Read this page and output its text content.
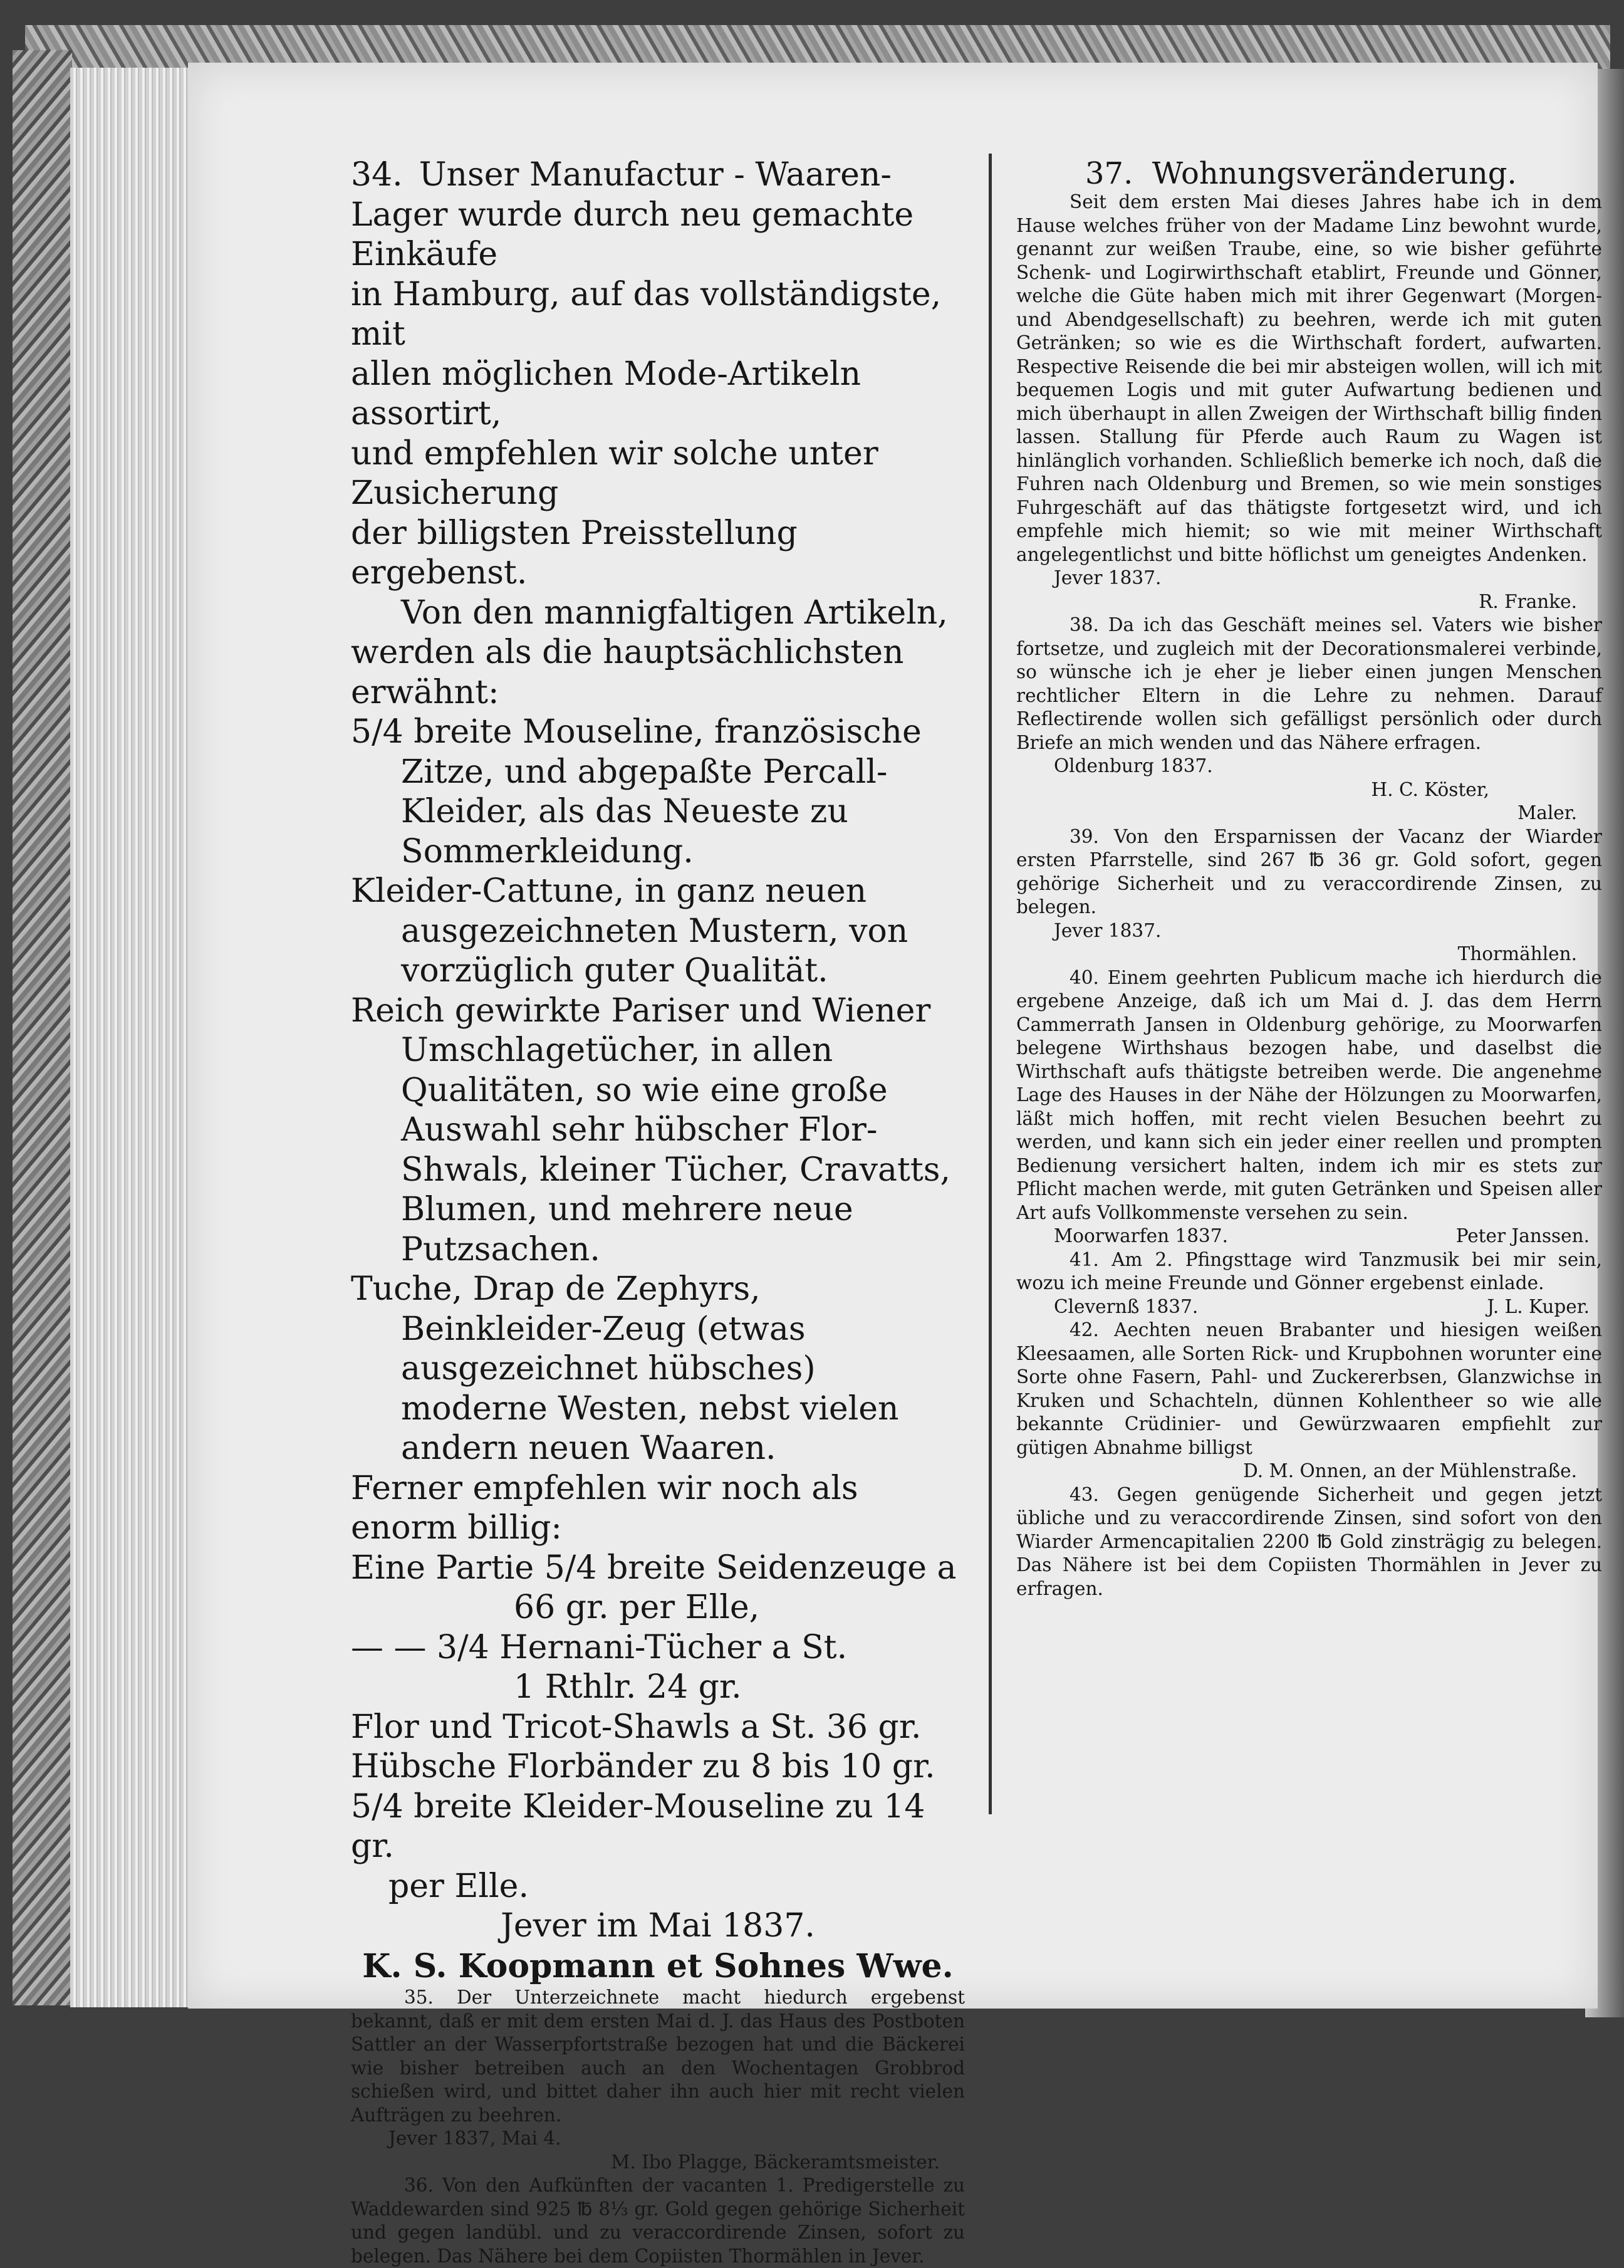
34. Unser Manufactur - Waaren-

Lager wurde durch neu gemachte Einkäufe

in Hamburg, auf das vollständigste, mit

allen möglichen Mode-Artikeln assortirt,

und empfehlen wir solche unter Zusicherung

der billigsten Preisstellung ergebenst.

Von den mannigfaltigen Artikeln,

werden als die hauptsächlichsten erwähnt:

5/4 breite Mouseline, französische Zitze, und abgepaßte Percall-Kleider, als das Neueste zu Sommerkleidung.

Kleider-Cattune, in ganz neuen ausgezeichneten Mustern, von vorzüglich guter Qualität.

Reich gewirkte Pariser und Wiener Umschlagetücher, in allen Qualitäten, so wie eine große Auswahl sehr hübscher Flor-Shwals, kleiner Tücher, Cravatts, Blumen, und mehrere neue Putzsachen.

Tuche, Drap de Zephyrs, Beinkleider-Zeug (etwas ausgezeichnet hübsches) moderne Westen, nebst vielen andern neuen Waaren.

Ferner empfehlen wir noch als enorm billig:

Eine Partie 5/4 breite Seidenzeuge a

66 gr. per Elle,

— — 3/4 Hernani-Tücher a St.

1 Rthlr. 24 gr.

Flor und Tricot-Shawls a St. 36 gr.

Hübsche Florbänder zu 8 bis 10 gr.

5/4 breite Kleider-Mouseline zu 14 gr.

per Elle.

Jever im Mai 1837.

K. S. Koopmann et Sohnes Wwe.

35. Der Unterzeichnete macht hiedurch ergebenst bekannt, daß er mit dem ersten Mai d. J. das Haus des Postboten Sattler an der Wasserpfortstraße bezogen hat und die Bäckerei wie bisher betreiben auch an den Wochentagen Grobbrod schießen wird, und bittet daher ihn auch hier mit recht vielen Aufträgen zu beehren.

Jever 1837, Mai 4.

M. Ibo Plagge, Bäckeramtsmeister.

36. Von den Aufkünften der vacanten 1. Predigerstelle zu Waddewarden sind 925 ℔ 8⅓ gr. Gold gegen gehörige Sicherheit und gegen landübl. und zu veraccordirende Zinsen, sofort zu belegen. Das Nähere bei dem Copiisten Thormählen in Jever.

37. Wohnungsveränderung.

Seit dem ersten Mai dieses Jahres habe ich in dem Hause welches früher von der Madame Linz bewohnt wurde, genannt zur weißen Traube, eine, so wie bisher geführte Schenk- und Logirwirthschaft etablirt, Freunde und Gönner, welche die Güte haben mich mit ihrer Gegenwart (Morgen- und Abendgesellschaft) zu beehren, werde ich mit guten Getränken; so wie es die Wirthschaft fordert, aufwarten. Respective Reisende die bei mir absteigen wollen, will ich mit bequemen Logis und mit guter Aufwartung bedienen und mich überhaupt in allen Zweigen der Wirthschaft billig finden lassen. Stallung für Pferde auch Raum zu Wagen ist hinlänglich vorhanden. Schließlich bemerke ich noch, daß die Fuhren nach Oldenburg und Bremen, so wie mein sonstiges Fuhrgeschäft auf das thätigste fortgesetzt wird, und ich empfehle mich hiemit; so wie mit meiner Wirthschaft angelegentlichst und bitte höflichst um geneigtes Andenken.

Jever 1837.

R. Franke.

38. Da ich das Geschäft meines sel. Vaters wie bisher fortsetze, und zugleich mit der Decorationsmalerei verbinde, so wünsche ich je eher je lieber einen jungen Menschen rechtlicher Eltern in die Lehre zu nehmen. Darauf Reflectirende wollen sich gefälligst persönlich oder durch Briefe an mich wenden und das Nähere erfragen.

Oldenburg 1837.

H. C. Köster,

Maler.

39. Von den Ersparnissen der Vacanz der Wiarder ersten Pfarrstelle, sind 267 ℔ 36 gr. Gold sofort, gegen gehörige Sicherheit und zu veraccordirende Zinsen, zu belegen.

Jever 1837.

Thormählen.

40. Einem geehrten Publicum mache ich hierdurch die ergebene Anzeige, daß ich um Mai d. J. das dem Herrn Cammerrath Jansen in Oldenburg gehörige, zu Moorwarfen belegene Wirthshaus bezogen habe, und daselbst die Wirthschaft aufs thätigste betreiben werde. Die angenehme Lage des Hauses in der Nähe der Hölzungen zu Moorwarfen, läßt mich hoffen, mit recht vielen Besuchen beehrt zu werden, und kann sich ein jeder einer reellen und prompten Bedienung versichert halten, indem ich mir es stets zur Pflicht machen werde, mit guten Getränken und Speisen aller Art aufs Vollkommenste versehen zu sein.

Moorwarfen 1837.	Peter Janssen.

41. Am 2. Pfingsttage wird Tanzmusik bei mir sein, wozu ich meine Freunde und Gönner ergebenst einlade.

Clevernß 1837.	J. L. Kuper.

42. Aechten neuen Brabanter und hiesigen weißen Kleesaamen, alle Sorten Rick- und Krupbohnen worunter eine Sorte ohne Fasern, Pahl- und Zuckererbsen, Glanzwichse in Kruken und Schachteln, dünnen Kohlentheer so wie alle bekannte Crüdinier- und Gewürzwaaren empfiehlt zur gütigen Abnahme billigst

D. M. Onnen, an der Mühlenstraße.

43. Gegen genügende Sicherheit und gegen jetzt übliche und zu veraccordirende Zinsen, sind sofort von den Wiarder Armencapitalien 2200 ℔ Gold zinsträgig zu belegen. Das Nähere ist bei dem Copiisten Thormählen in Jever zu erfragen.
